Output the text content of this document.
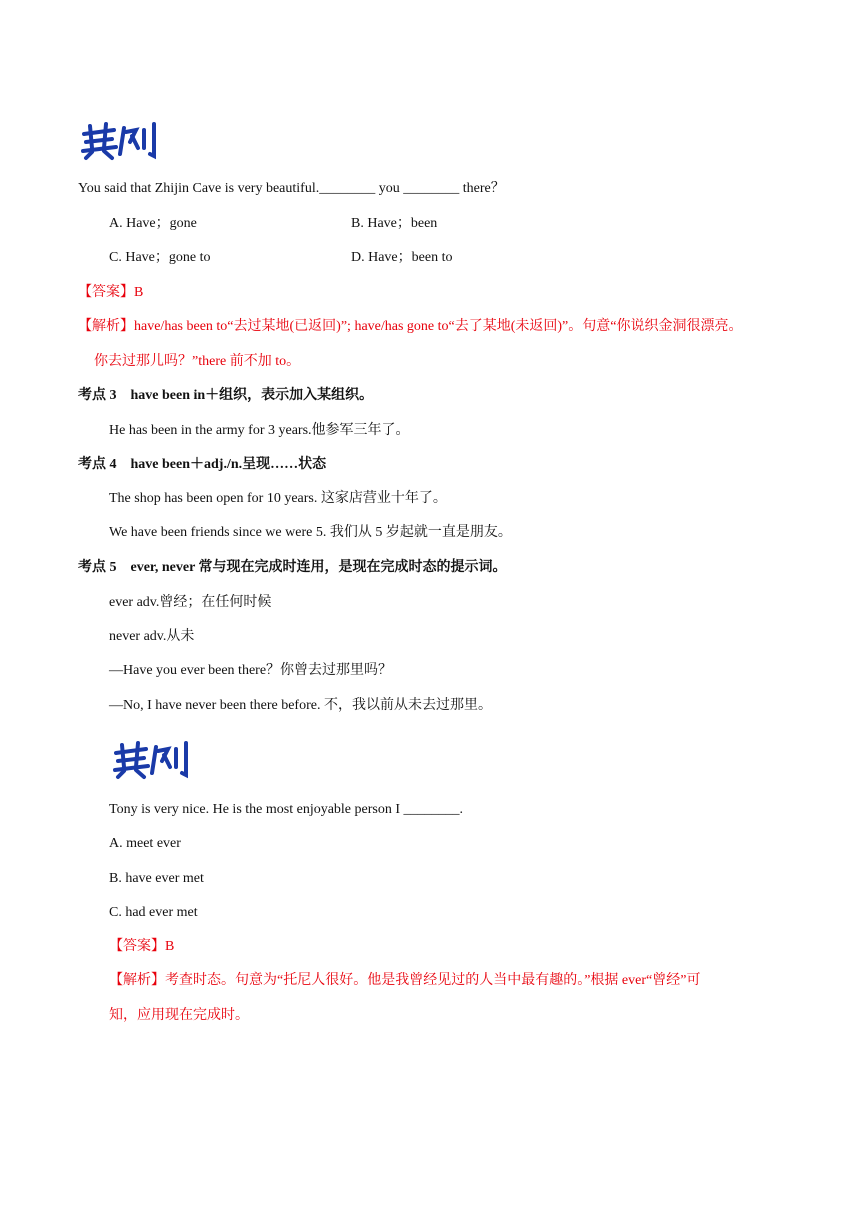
You said that Zhijin Cave is very beautiful.________ you ________ there？
A. Have；gone	B. Have；been
C. Have；gone to	D. Have；been to
【答案】B
【解析】have/has been to“去过某地(已返回)”; have/has gone to“去了某地(未返回)”。句意“你说织金洞很漂亮。
你去过那儿吗？”there 前不加 to。
考点 3　have been in＋组织，表示加入某组织。
He has been in the army for 3 years.他参军三年了。
考点 4　have been＋adj./n.呈现……状态
The shop has been open for 10 years. 这家店营业十年了。
We have been friends since we were 5. 我们从 5 岁起就一直是朋友。
考点 5　ever, never 常与现在完成时连用，是现在完成时态的提示词。
ever adv.曾经；在任何时候
never adv.从未
—Have you ever been there？你曾去过那里吗？
—No, I have never been there before. 不，我以前从未去过那里。
Tony is very nice. He is the most enjoyable person I ________.
A. meet ever
B. have ever met
C. had ever met
【答案】B
【解析】考查时态。句意为“托尼人很好。他是我曾经见过的人当中最有趣的。”根据 ever“曾经”可
知，应用现在完成时。
